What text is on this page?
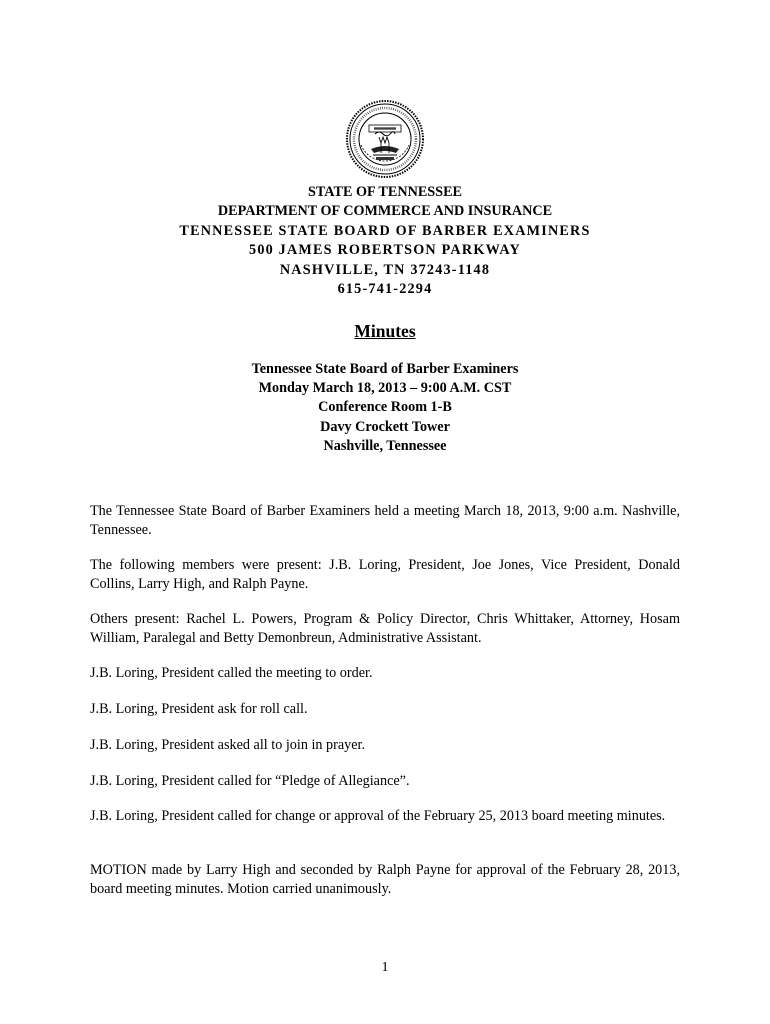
STATE OF TENNESSEE
DEPARTMENT OF COMMERCE AND INSURANCE
TENNESSEE STATE BOARD OF BARBER EXAMINERS
500 JAMES ROBERTSON PARKWAY
NASHVILLE, TN 37243-1148
615-741-2294
Minutes
Tennessee State Board of Barber Examiners
Monday March 18, 2013 – 9:00 A.M. CST
Conference Room 1-B
Davy Crockett Tower
Nashville, Tennessee

The Tennessee State Board of Barber Examiners held a meeting March 18, 2013, 9:00 a.m. Nashville, Tennessee.

The following members were present: J.B. Loring, President, Joe Jones, Vice President, Donald Collins, Larry High, and Ralph Payne.

Others present: Rachel L. Powers, Program & Policy Director, Chris Whittaker, Attorney, Hosam William, Paralegal and Betty Demonbreun, Administrative Assistant.

J.B. Loring, President called the meeting to order.

J.B. Loring, President ask for roll call.

J.B. Loring, President asked all to join in prayer.

J.B. Loring, President called for “Pledge of Allegiance”.

J.B. Loring, President called for change or approval of the February 25, 2013 board meeting minutes.

MOTION made by Larry High and seconded by Ralph Payne for approval of the February 28, 2013, board meeting minutes. Motion carried unanimously.

1
